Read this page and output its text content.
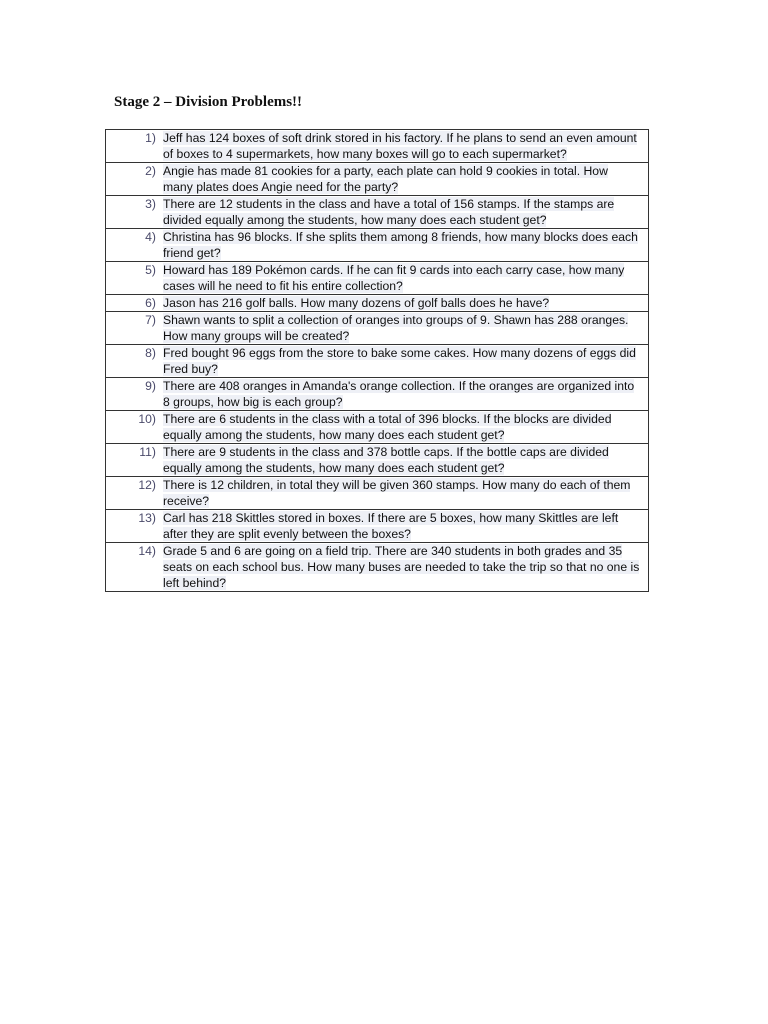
Stage 2 – Division Problems!!
1)	Jeff has 124 boxes of soft drink stored in his factory. If he plans to send an even amount of boxes to 4 supermarkets, how many boxes will go to each supermarket?
2)	Angie has made 81 cookies for a party, each plate can hold 9 cookies in total. How many plates does Angie need for the party?
3)	There are 12 students in the class and have a total of 156 stamps. If the stamps are divided equally among the students, how many does each student get?
4)	Christina has 96 blocks. If she splits them among 8 friends, how many blocks does each friend get?
5)	Howard has 189 Pokémon cards. If he can fit 9 cards into each carry case, how many cases will he need to fit his entire collection?
6)	Jason has 216 golf balls. How many dozens of golf balls does he have?
7)	Shawn wants to split a collection of oranges into groups of 9. Shawn has 288 oranges. How many groups will be created?
8)	Fred bought 96 eggs from the store to bake some cakes. How many dozens of eggs did Fred buy?
9)	There are 408 oranges in Amanda's orange collection. If the oranges are organized into 8 groups, how big is each group?
10)	There are 6 students in the class with a total of 396 blocks. If the blocks are divided equally among the students, how many does each student get?
11)	There are 9 students in the class and 378 bottle caps. If the bottle caps are divided equally among the students, how many does each student get?
12)	There is 12 children, in total they will be given 360 stamps. How many do each of them receive?
13)	Carl has 218 Skittles stored in boxes. If there are 5 boxes, how many Skittles are left after they are split evenly between the boxes?
14)	Grade 5 and 6 are going on a field trip. There are 340 students in both grades and 35 seats on each school bus. How many buses are needed to take the trip so that no one is left behind?
